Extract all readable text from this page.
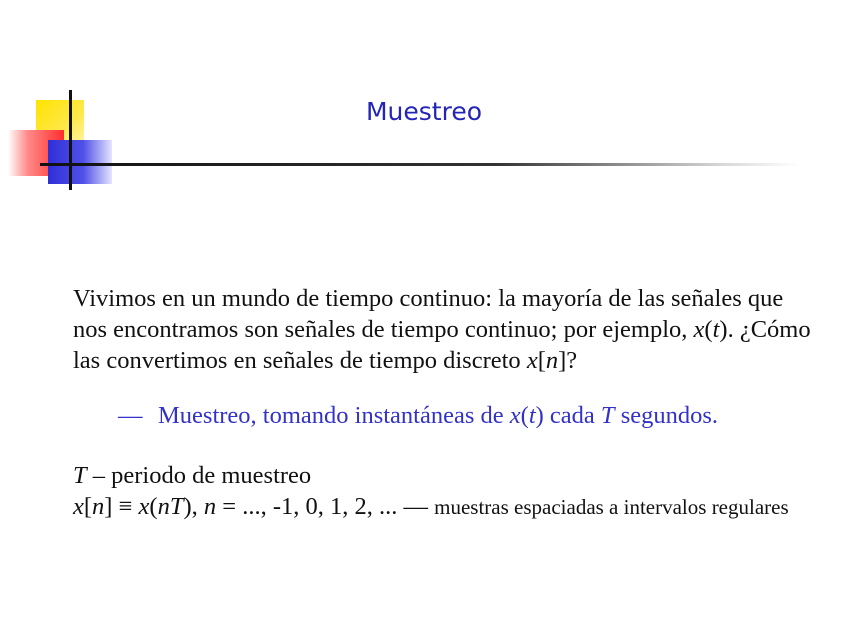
Muestreo

Vivimos en un mundo de tiempo continuo: la mayoría de las señales que

nos encontramos son señales de tiempo continuo; por ejemplo, x(t). ¿Cómo

las convertimos en señales de tiempo discreto x[n]?

— Muestreo, tomando instantáneas de x(t) cada T segundos.

T – periodo de muestreo

x[n] ≡ x(nT), n = ..., -1, 0, 1, 2, ... — muestras espaciadas a intervalos regulares
